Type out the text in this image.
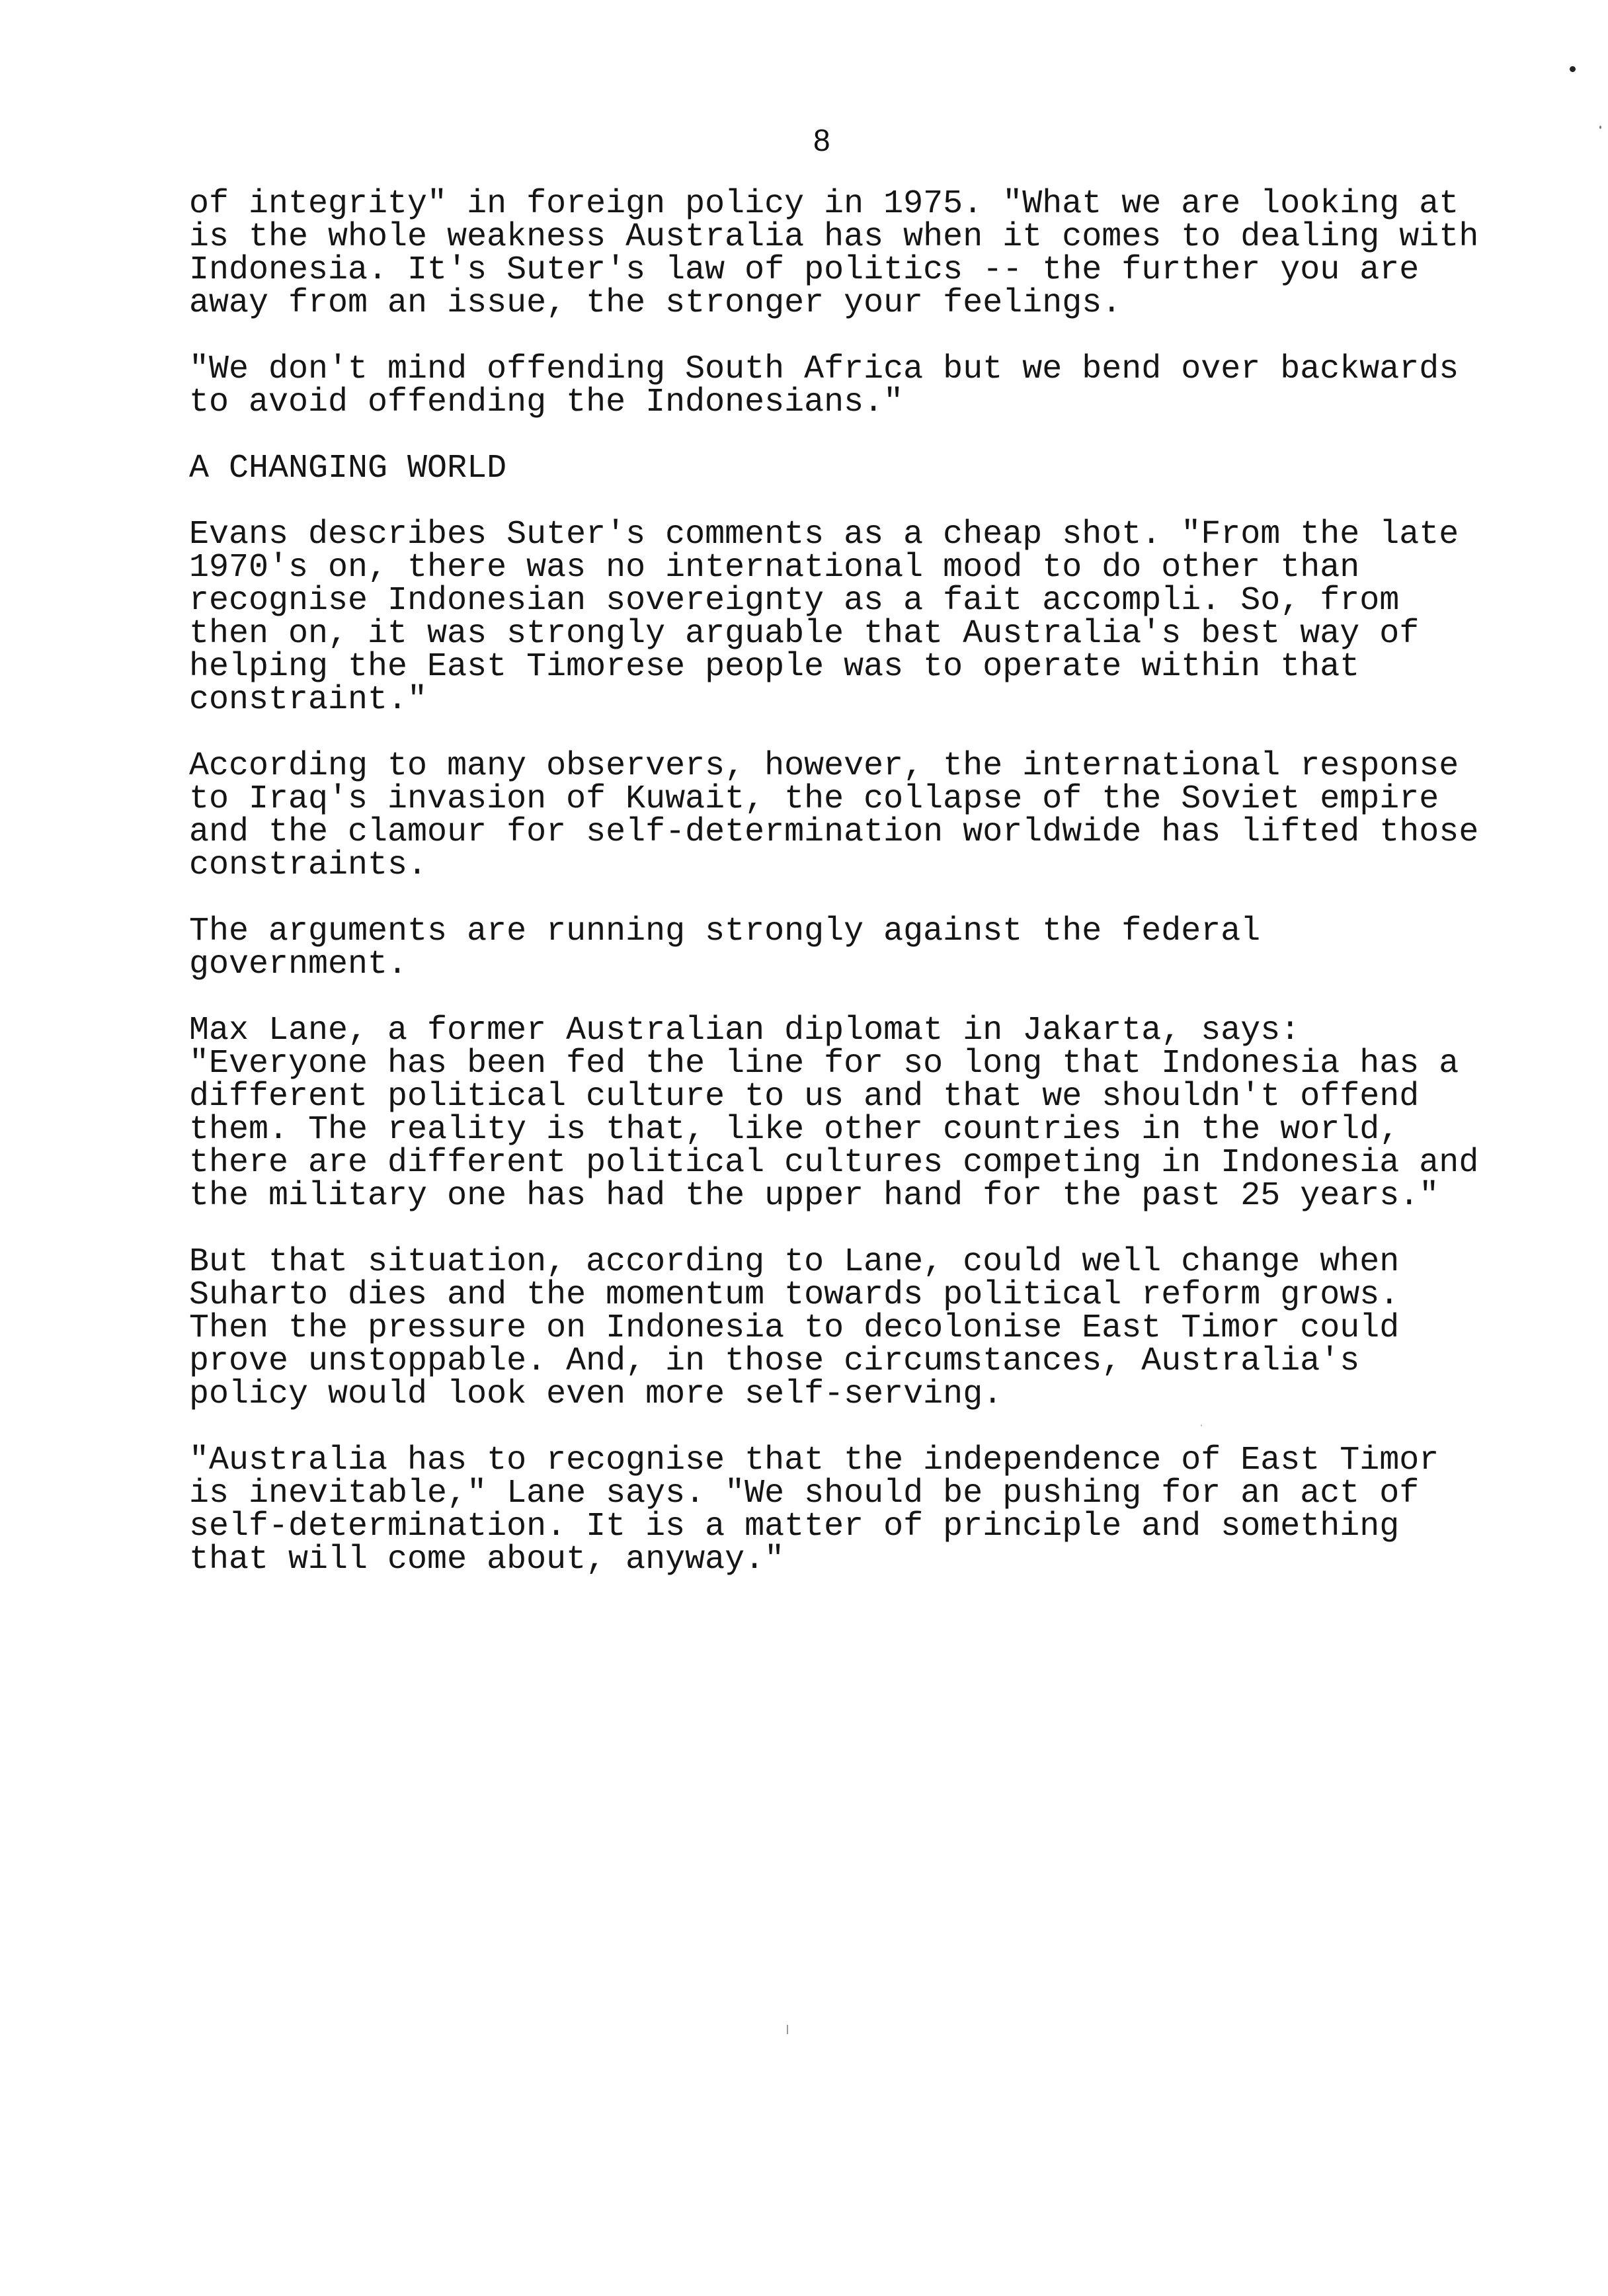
8
of integrity" in foreign policy in 1975. "What we are looking at
is the whole weakness Australia has when it comes to dealing with
Indonesia. It's Suter's law of politics -- the further you are
away from an issue, the stronger your feelings.
"We don't mind offending South Africa but we bend over backwards
to avoid offending the Indonesians."
A CHANGING WORLD
Evans describes Suter's comments as a cheap shot. "From the late
1970's on, there was no international mood to do other than
recognise Indonesian sovereignty as a fait accompli. So, from
then on, it was strongly arguable that Australia's best way of
helping the East Timorese people was to operate within that
constraint."
According to many observers, however, the international response
to Iraq's invasion of Kuwait, the collapse of the Soviet empire
and the clamour for self-determination worldwide has lifted those
constraints.
The arguments are running strongly against the federal
government.
Max Lane, a former Australian diplomat in Jakarta, says:
"Everyone has been fed the line for so long that Indonesia has a
different political culture to us and that we shouldn't offend
them. The reality is that, like other countries in the world,
there are different political cultures competing in Indonesia and
the military one has had the upper hand for the past 25 years."
But that situation, according to Lane, could well change when
Suharto dies and the momentum towards political reform grows.
Then the pressure on Indonesia to decolonise East Timor could
prove unstoppable. And, in those circumstances, Australia's
policy would look even more self-serving.
"Australia has to recognise that the independence of East Timor
is inevitable," Lane says. "We should be pushing for an act of
self-determination. It is a matter of principle and something
that will come about, anyway."
